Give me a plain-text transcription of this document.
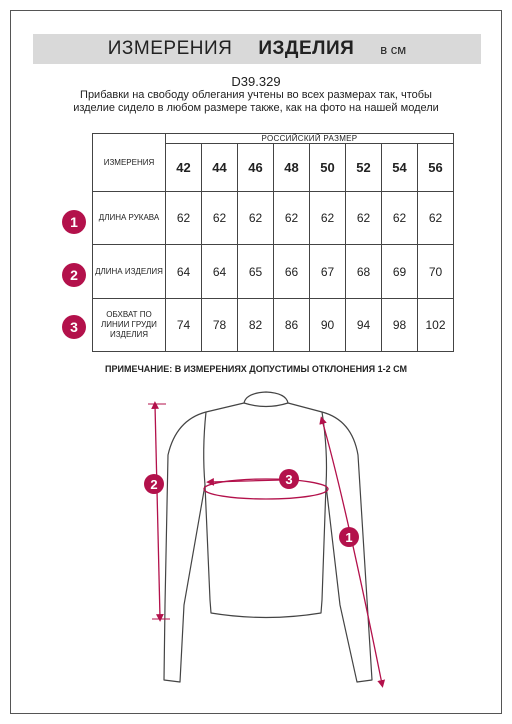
ИЗМЕРЕНИЯ ИЗДЕЛИЯ в см
D39.329
Прибавки на свободу облегания учтены во всех размерах так, чтобы изделие сидело в любом размере также, как на фото на нашей модели
ИЗМЕРЕНИЯ	РОССИЙСКИЙ РАЗМЕР							
	42	44	46	48	50	52	54	56
ДЛИНА РУКАВА	62	62	62	62	62	62	62	62
ДЛИНА ИЗДЕЛИЯ	64	64	65	66	67	68	69	70
ОБХВАТ ПО ЛИНИИ ГРУДИ ИЗДЕЛИЯ	74	78	82	86	90	94	98	102
1
2
3
ПРИМЕЧАНИЕ: В ИЗМЕРЕНИЯХ ДОПУСТИМЫ ОТКЛОНЕНИЯ 1-2 СМ
2	3
1
